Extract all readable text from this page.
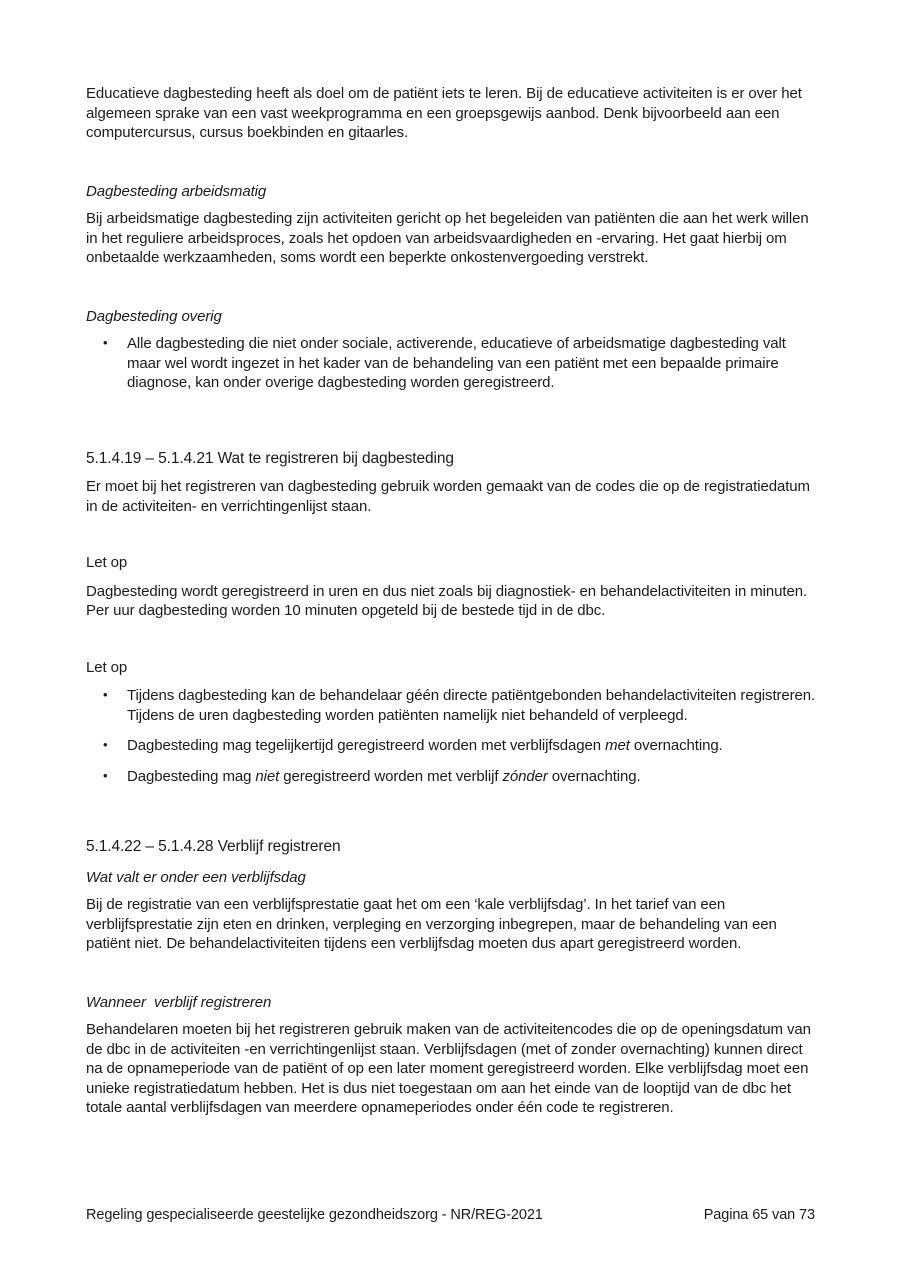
Educatieve dagbesteding heeft als doel om de patiënt iets te leren. Bij de educatieve activiteiten is er over het algemeen sprake van een vast weekprogramma en een groepsgewijs aanbod. Denk bijvoorbeeld aan een computercursus, cursus boekbinden en gitaarles.

Dagbesteding arbeidsmatig

Bij arbeidsmatige dagbesteding zijn activiteiten gericht op het begeleiden van patiënten die aan het werk willen in het reguliere arbeidsproces, zoals het opdoen van arbeidsvaardigheden en -ervaring. Het gaat hierbij om onbetaalde werkzaamheden, soms wordt een beperkte onkostenvergoeding verstrekt.

Dagbesteding overig
• Alle dagbesteding die niet onder sociale, activerende, educatieve of arbeidsmatige dagbesteding valt maar wel wordt ingezet in het kader van de behandeling van een patiënt met een bepaalde primaire diagnose, kan onder overige dagbesteding worden geregistreerd.
5.1.4.19 – 5.1.4.21 Wat te registreren bij dagbesteding

Er moet bij het registreren van dagbesteding gebruik worden gemaakt van de codes die op de registratiedatum in de activiteiten- en verrichtingenlijst staan.

Let op

Dagbesteding wordt geregistreerd in uren en dus niet zoals bij diagnostiek- en behandelactiviteiten in minuten. Per uur dagbesteding worden 10 minuten opgeteld bij de bestede tijd in de dbc.

Let op

• Tijdens dagbesteding kan de behandelaar géén directe patiëntgebonden behandelactiviteiten registreren. Tijdens de uren dagbesteding worden patiënten namelijk niet behandeld of verpleegd.
• Dagbesteding mag tegelijkertijd geregistreerd worden met verblijfsdagen met overnachting.
• Dagbesteding mag niet geregistreerd worden met verblijf zónder overnachting.
5.1.4.22 – 5.1.4.28 Verblijf registreren
Wat valt er onder een verblijfsdag

Bij de registratie van een verblijfsprestatie gaat het om een ‘kale verblijfsdag’. In het tarief van een verblijfsprestatie zijn eten en drinken, verpleging en verzorging inbegrepen, maar de behandeling van een patiënt niet. De behandelactiviteiten tijdens een verblijfsdag moeten dus apart geregistreerd worden.

Wanneer  verblijf registreren

Behandelaren moeten bij het registreren gebruik maken van de activiteitencodes die op de openingsdatum van de dbc in de activiteiten -en verrichtingenlijst staan. Verblijfsdagen (met of zonder overnachting) kunnen direct na de opnameperiode van de patiënt of op een later moment geregistreerd worden. Elke verblijfsdag moet een unieke registratiedatum hebben. Het is dus niet toegestaan om aan het einde van de looptijd van de dbc het totale aantal verblijfsdagen van meerdere opnameperiodes onder één code te registreren.

Regeling gespecialiseerde geestelijke gezondheidszorg - NR/REG-2021	Pagina 65 van 73
